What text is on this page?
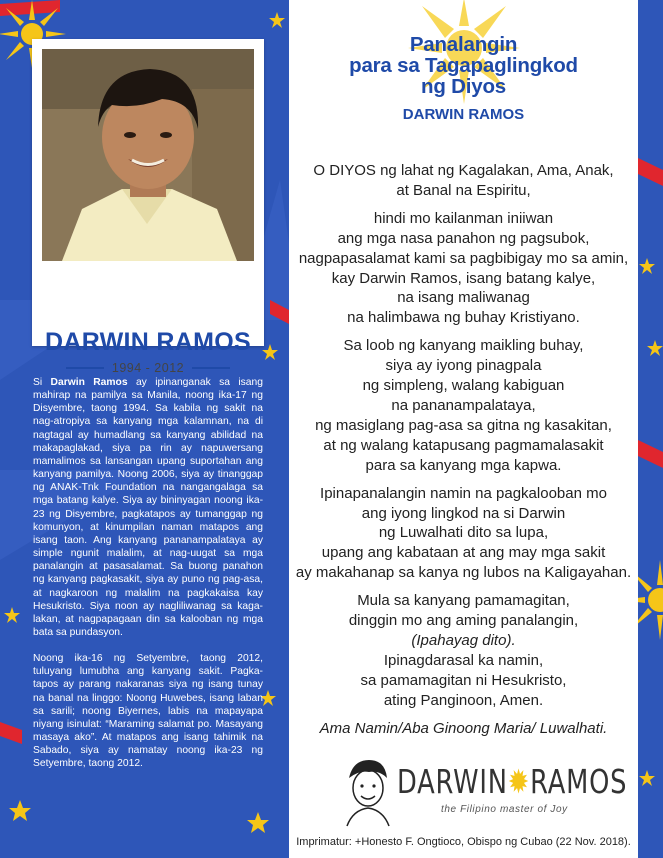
DARWIN RAMOS
1994 - 2012

Si Darwin Ramos ay ipinanganak sa isang mahirap na pamilya sa Manila, noong ika-17 ng Disyembre, taong 1994. Sa kabila ng sakit na nag-atropiya sa kanyang mga kalamnan, na di nagtagal ay humadlang sa kanyang abilidad na makapaglakad, siya pa rin ay napuwersang mamalimos sa lansangan upang suportahan ang kanyang pamilya. Noong 2006, siya ay tinanggap ng ANAK-Tnk Foundation na nangangalaga sa mga batang kalye. Siya ay bininyagan noong ika-23 ng Disyembre, pagkatapos ay tumanggap ng komunyon, at kinumpilan naman matapos ang isang taon. Ang kanyang pananampalataya ay simple ngunit malalim, at nag-uugat sa mga panalangin at pasasalamat. Sa buong panahon ng kanyang pagkasakit, siya ay puno ng pag-asa, at nagkaroon ng malalim na pagkakaisa kay Hesukristo. Siya noon ay nagliliwanag sa kaga-lakan, at nagpapagaan din sa kalooban ng mga bata sa pundasyon.

Noong ika-16 ng Setyembre, taong 2012, tuluyang lumubha ang kanyang sakit. Pagka-tapos ay parang nakaranas siya ng isang tunay na banal na linggo: Noong Huwebes, isang laban sa sarili; noong Biyernes, labis na mapayapa niyang isinulat: “Maraming salamat po. Masayang masaya ako”. At matapos ang isang tahimik na Sabado, siya ay namatay noong ika-23 ng Setyembre, taong 2012.

Panalangin
para sa Tagapaglingkod
ng Diyos
DARWIN RAMOS
O DIYOS ng lahat ng Kagalakan, Ama, Anak,
at Banal na Espiritu,
hindi mo kailanman iniiwan
ang mga nasa panahon ng pagsubok,
nagpapasalamat kami sa pagbibigay mo sa amin,
kay Darwin Ramos, isang batang kalye,
na isang maliwanag
na halimbawa ng buhay Kristiyano.
Sa loob ng kanyang maikling buhay,
siya ay iyong pinagpala
ng simpleng, walang kabiguan
na pananampalataya,
ng masiglang pag-asa sa gitna ng kasakitan,
at ng walang katapusang pagmamalasakit
para sa kanyang mga kapwa.
Ipinapanalangin namin na pagkalooban mo
ang iyong lingkod na si Darwin
ng Luwalhati dito sa lupa,
upang ang kabataan at ang may mga sakit
ay makahanap sa kanya ng lubos na Kaligayahan.
Mula sa kanyang pamamagitan,
dinggin mo ang aming panalangin,
(Ipahayag dito).
Ipinagdarasal ka namin,
sa pamamagitan ni Hesukristo,
ating Panginoon, Amen.
Ama Namin/Aba Ginoong Maria/ Luwalhati.
DARWIN✹RAMOS
the Filipino master of Joy
Imprimatur: +Honesto F. Ongtioco, Obispo ng Cubao (22 Nov. 2018).
